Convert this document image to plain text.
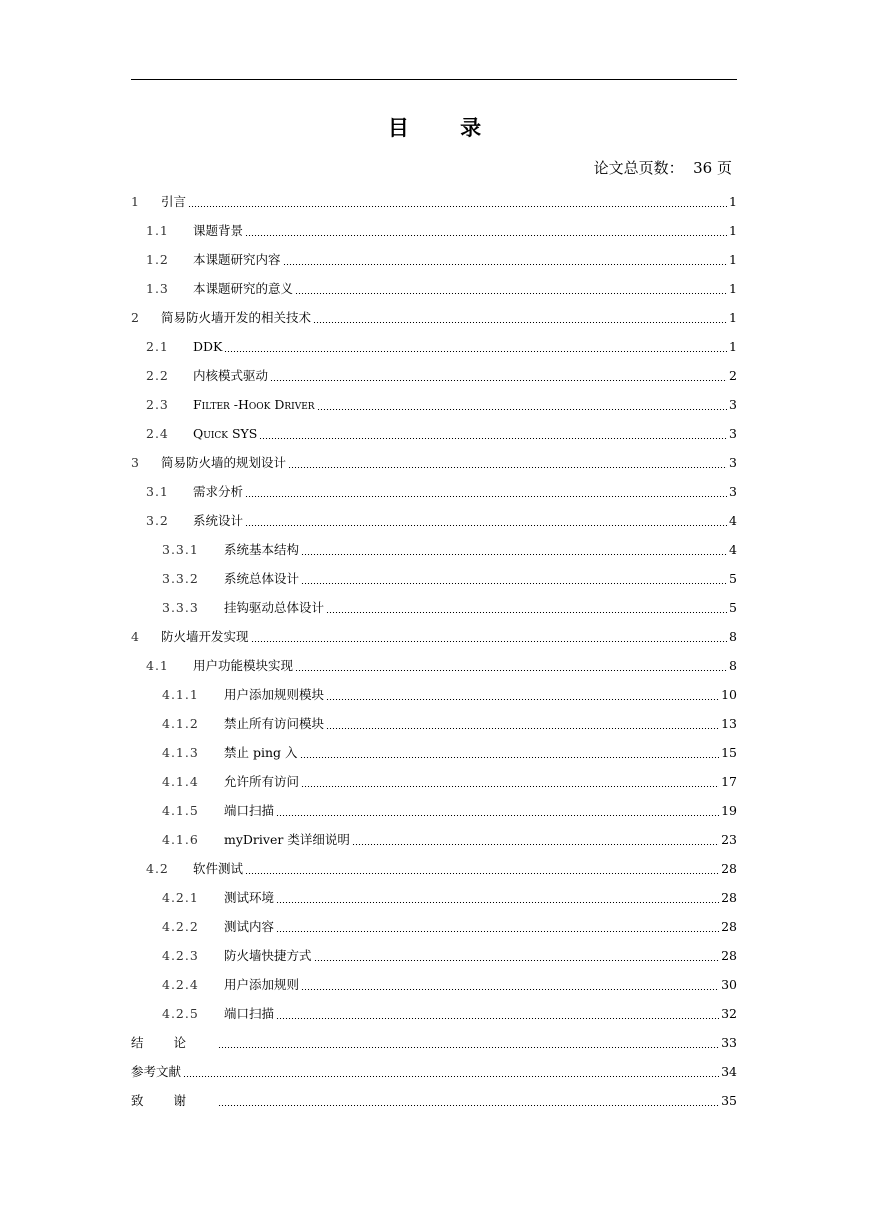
目 录
论文总页数：  36 页
1	引言	1
1.1	课题背景	1
1.2	本课题研究内容	1
1.3	本课题研究的意义	1
2	简易防火墙开发的相关技术	1
2.1	DDK	1
2.2	内核模式驱动	2
2.3	Filter -Hook Driver	3
2.4	Quick SYS	3
3	简易防火墙的规划设计	3
3.1	需求分析	3
3.2	系统设计	4
3.3.1	系统基本结构	4
3.3.2	系统总体设计	5
3.3.3	挂钩驱动总体设计	5
4	防火墙开发实现	8
4.1	用户功能模块实现	8
4.1.1	用户添加规则模块	10
4.1.2	禁止所有访问模块	13
4.1.3	禁止 ping 入	15
4.1.4	允许所有访问	17
4.1.5	端口扫描	19
4.1.6	myDriver 类详细说明	23
4.2	软件测试	28
4.2.1	测试环境	28
4.2.2	测试内容	28
4.2.3	防火墙快捷方式	28
4.2.4	用户添加规则	30
4.2.5	端口扫描	32
结论	33
参考文献	34
致谢	35
